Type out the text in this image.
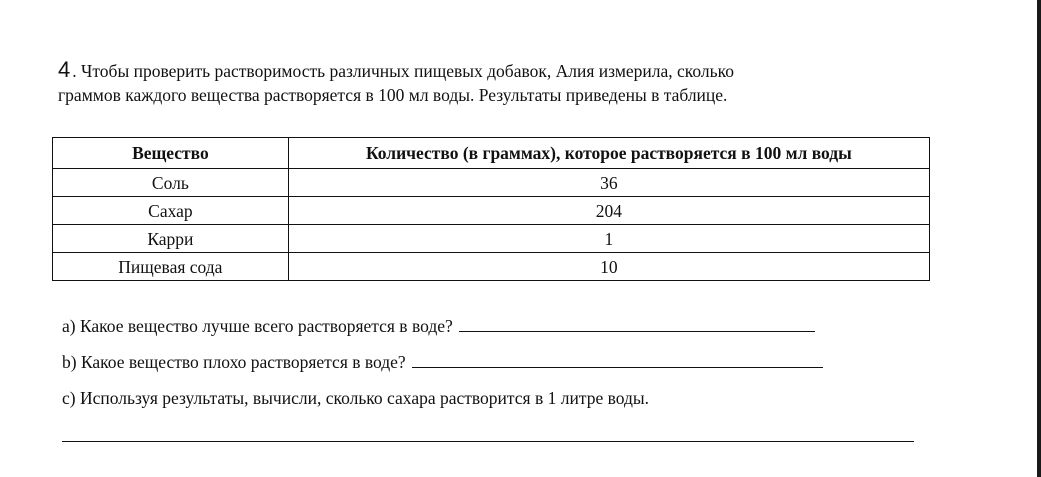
4 . Чтобы проверить растворимость различных пищевых добавок, Алия измерила, сколько
граммов каждого вещества растворяется в 100 мл воды. Результаты приведены в таблице.
Вещество	Количество (в граммах), которое растворяется в 100 мл воды
Соль	36
Сахар	204
Карри	1
Пищевая сода	10
a) Какое вещество лучше всего растворяется в воде?
b) Какое вещество плохо растворяется в воде?
c) Используя результаты, вычисли, сколько сахара растворится в 1 литре воды.
